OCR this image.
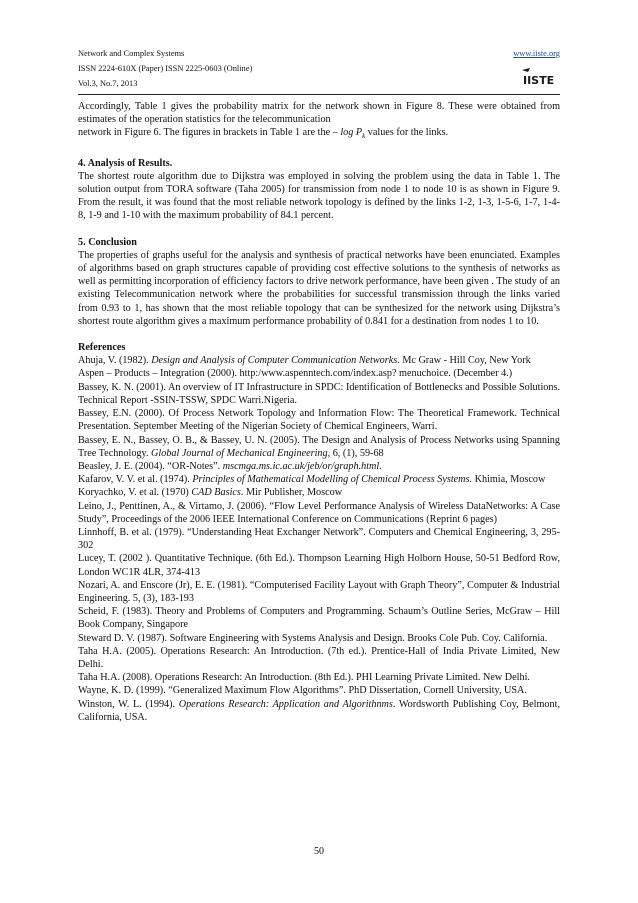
Network and Complex Systems
ISSN 2224-610X (Paper) ISSN 2225-0603 (Online)
Vol.3, No.7, 2013
www.iiste.org
IISTE

Accordingly, Table 1 gives the probability matrix for the network shown in Figure 8. These were obtained from estimates of the operation statistics for the telecommunication
network in Figure 6. The figures in brackets in Table 1 are the – $\log P_k$ values for the links.

4. Analysis of Results.

The shortest route algorithm due to Dijkstra was employed in solving the problem using the data in Table 1. The solution output from TORA software (Taha 2005) for transmission from node 1 to node 10 is as shown in Figure 9. From the result, it was found that the most reliable network topology is defined by the links 1-2, 1-3, 1-5-6, 1-7, 1-4-8, 1-9 and 1-10 with the maximum probability of 84.1 percent.

5. Conclusion

The properties of graphs useful for the analysis and synthesis of practical networks have been enunciated. Examples of algorithms based on graph structures capable of providing cost effective solutions to the synthesis of networks as well as permitting incorporation of efficiency factors to drive network performance, have been given . The study of an existing Telecommunication network where the probabilities for successful transmission through the links varied from 0.93 to 1, has shown that the most reliable topology that can be synthesized for the network using Dijkstra’s shortest route algorithm gives a maximum performance probability of 0.841 for a destination from nodes 1 to 10.

References

Ahuja, V. (1982). Design and Analysis of Computer Communication Networks. Mc Graw - Hill Coy, New York

Aspen – Products – Integration (2000). http:/www.aspenntech.com/index.asp? menuchoice. (December 4.)

Bassey, K. N. (2001). An overview of IT Infrastructure in SPDC: Identification of Bottlenecks and Possible Solutions. Technical Report -SSIN-TSSW, SPDC Warri.Nigeria.

Bassey, E.N. (2000). Of Process Network Topology and Information Flow: The Theoretical Framework. Technical Presentation. September Meeting of the Nigerian Society of Chemical Engineers, Warri.

Bassey, E. N., Bassey, O. B., & Bassey, U. N. (2005). The Design and Analysis of Process Networks using Spanning Tree Technology. Global Journal of Mechanical Engineering, 6, (1), 59-68

Beasley, J. E. (2004). “OR-Notes”. mscmga.ms.ic.ac.uk/jeb/or/graph.html.

Kafarov, V. V. et al. (1974). Principles of Mathematical Modelling of Chemical Process Systems. Khimia, Moscow

Koryachko, V. et al. (1970) CAD Basics. Mir Publisher, Moscow

Leino, J., Penttinen, A., & Virtamo, J. (2006). “Flow Level Performance Analysis of Wireless DataNetworks: A Case Study”, Proceedings of the 2006 IEEE International Conference on Communications (Reprint 6 pages)

Linnhoff, B. et al. (1979). “Understanding Heat Exchanger Network”. Computers and Chemical Engineering, 3, 295-302

Lucey, T. (2002 ). Quantitative Technique. (6th Ed.). Thompson Learning High Holborn House, 50-51 Bedford Row, London WC1R 4LR, 374-413

Nozari, A. and Enscore (Jr), E. E. (1981). “Computerised Facility Layout with Graph Theory”, Computer & Industrial Engineering. 5, (3), 183-193

Scheid, F. (1983). Theory and Problems of Computers and Programming. Schaum’s Outline Series, McGraw – Hill Book Company, Singapore

Steward D. V. (1987). Software Engineering with Systems Analysis and Design. Brooks Cole Pub. Coy. California.

Taha H.A. (2005). Operations Research: An Introduction. (7th ed.). Prentice-Hall of India Private Limited, New Delhi.

Taha H.A. (2008). Operations Research: An Introduction. (8th Ed.). PHI Learning Private Limited. New Delhi.

Wayne, K. D. (1999). “Generalized Maximum Flow Algorithms”. PhD Dissertation, Cornell University, USA.

Winston, W. L. (1994). Operations Research: Application and Algorithnms. Wordsworth Publishing Coy, Belmont, California, USA.

50
